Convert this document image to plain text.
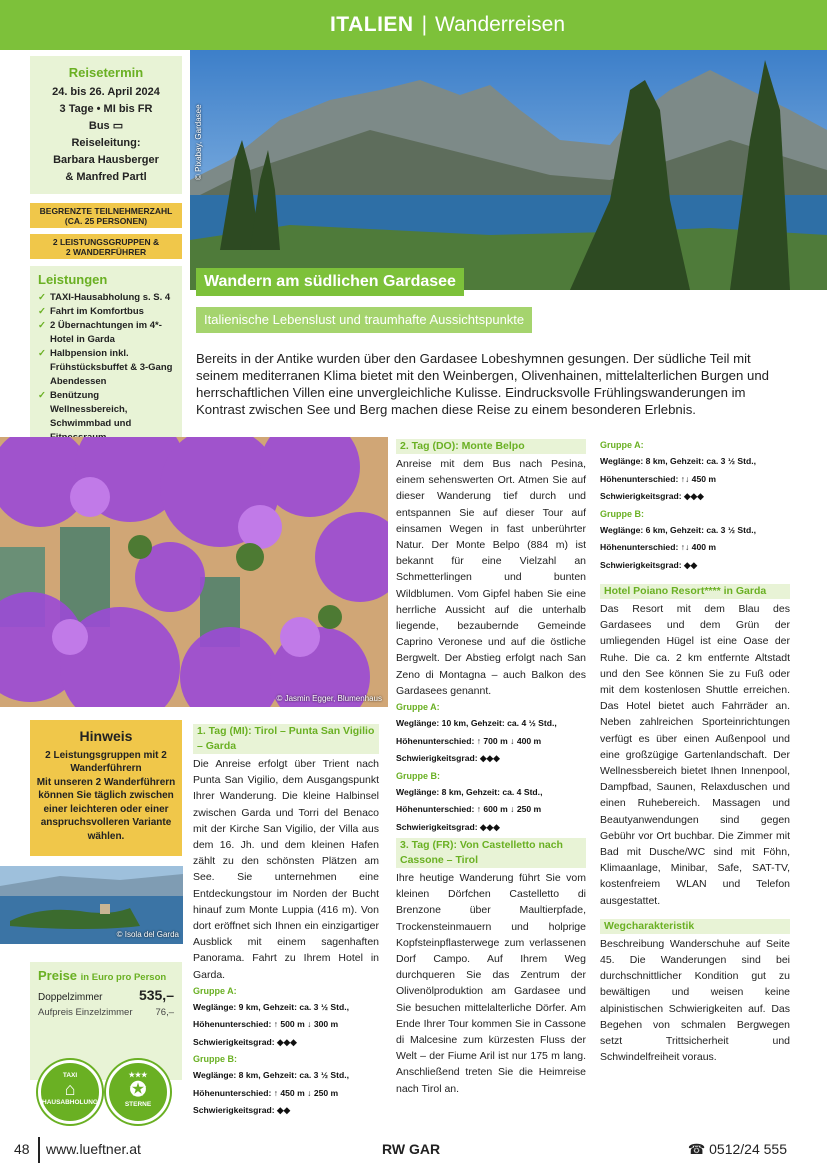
ITALIEN | Wanderreisen
Reisetermin
24. bis 26. April 2024
3 Tage • MI bis FR
Bus ▭
Reiseleitung:
Barbara Hausberger
& Manfred Partl
BEGRENZTE TEILNEHMERZAHL
(CA. 25 PERSONEN)
2 LEISTUNGSGRUPPEN &
2 WANDERFÜHRER
Leistungen
✓ TAXI-Hausabholung s. S. 4
✓ Fahrt im Komfortbus
✓ 2 Übernachtungen im 4*-Hotel in Garda
✓ Halbpension inkl. Frühstücksbuffet & 3-Gang Abendessen
✓ Benützung Wellnessbereich, Schwimmbad und
✓
✓
© Pixabay, Gardasee
Wandern am südlichen Gardasee
Italienische Lebenslust und traumhafte Aussichtspunkte
Bereits in der Antike wurden über den Gardasee Lobeshymnen gesungen. Der südliche Teil mit seinem mediterranen Klima bietet mit den Weinbergen, Olivenhainen, mittelalterlichen Burgen und herrschaftlichen Villen eine unvergleichliche Kulisse. Eindrucksvolle Frühlingswanderungen im Kontrast zwischen See und Berg machen diese Reise zu einem besonderen Erlebnis.
© Jasmin Egger, Blumenhaus
Hinweis
2 Leistungsgruppen mit 2 Wanderführern
Mit unseren 2 Wanderführern können Sie täglich zwischen einer leichteren oder einer anspruchsvolleren Variante wählen.
© Isola del Garda
Preise in Euro pro Person
Doppelzimmer	535,–
Aufpreis Einzelzimmer 76,–
TAXI
⌂
HAUSABHOLUNG
★★★
✪
STERNE
1. Tag (MI): Tirol – Punta San Vigilio – Garda

Die Anreise erfolgt über Trient nach Punta San Vigilio, dem Ausgangspunkt Ihrer Wanderung. Die kleine Halbinsel zwischen Garda und Torri del Benaco mit der Kirche San Vigilio, der Villa aus dem 16. Jh. und dem kleinen Hafen zählt zu den schönsten Plätzen am See. Sie unternehmen eine Entdeckungstour im Norden der Bucht hinauf zum Monte Luppia (416 m). Von dort eröffnet sich Ihnen ein einzigartiger Ausblick mit einem sagenhaften Panorama. Fahrt zu Ihrem Hotel in Garda.

Gruppe A:
Weglänge: 9 km, Gehzeit: ca. 3 ½ Std.,
Höhenunterschied: ↑ 500 m ↓ 300 m
Schwierigkeitsgrad: ◆◆◆
Gruppe B:
Weglänge: 8 km, Gehzeit: ca. 3 ½ Std.,
Höhenunterschied: ↑ 450 m ↓ 250 m
Schwierigkeitsgrad: ◆◆
2. Tag (DO): Monte Belpo

Anreise mit dem Bus nach Pesina, einem sehenswerten Ort. Atmen Sie auf dieser Wanderung tief durch und entspannen Sie auf dieser Tour auf einsamen Wegen in fast unberührter Natur. Der Monte Belpo (884 m) ist bekannt für eine Vielzahl an Schmetterlingen und bunten Wildblumen. Vom Gipfel haben Sie eine herrliche Aussicht auf die unterhalb liegende, bezaubernde Gemeinde Caprino Veronese und auf die östliche Bergwelt. Der Abstieg erfolgt nach San Zeno di Montagna – auch Balkon des Gardasees genannt.

Gruppe A:
Weglänge: 10 km, Gehzeit: ca. 4 ½ Std.,
Höhenunterschied: ↑ 700 m ↓ 400 m
Schwierigkeitsgrad: ◆◆◆
Gruppe B:
Weglänge: 8 km, Gehzeit: ca. 4 Std.,
Höhenunterschied: ↑ 600 m ↓ 250 m
Schwierigkeitsgrad: ◆◆◆
3. Tag (FR): Von Castelletto nach Cassone – Tirol

Ihre heutige Wanderung führt Sie vom kleinen Dörfchen Castelletto di Brenzone über Maultierpfade, Trockensteinmauern und holprige Kopfsteinpflasterwege zum verlassenen Dorf Campo. Auf Ihrem Weg durchqueren Sie das Zentrum der Olivenölproduktion am Gardasee und Sie besuchen mittelalterliche Dörfer. Am Ende Ihrer Tour kommen Sie in Cassone di Malcesine zum kürzesten Fluss der Welt – der Fiume Aril ist nur 175 m lang. Anschließend treten Sie die Heimreise nach Tirol an.

Gruppe A:
Weglänge: 8 km, Gehzeit: ca. 3 ½ Std.,
Höhenunterschied: ↑↓ 450 m
Schwierigkeitsgrad: ◆◆◆
Gruppe B:
Weglänge: 6 km, Gehzeit: ca. 3 ½ Std.,
Höhenunterschied: ↑↓ 400 m
Schwierigkeitsgrad: ◆◆
Hotel Poiano Resort**** in Garda

Das Resort mit dem Blau des Gardasees und dem Grün der umliegenden Hügel ist eine Oase der Ruhe. Die ca. 2 km entfernte Altstadt und den See können Sie zu Fuß oder mit dem kostenlosen Shuttle erreichen. Das Hotel bietet auch Fahrräder an. Neben zahlreichen Sporteinrichtungen verfügt es über einen Außenpool und eine großzügige Gartenlandschaft. Der Wellnessbereich bietet Ihnen Innenpool, Dampfbad, Saunen, Relaxduschen und einen Ruhebereich. Massagen und Beautyanwendungen sind gegen Gebühr vor Ort buchbar. Die Zimmer mit Bad mit Dusche/WC sind mit Föhn, Klimaanlage, Minibar, Safe, SAT-TV, kostenfreiem WLAN und Telefon ausgestattet.

Wegcharakteristik

Beschreibung Wanderschuhe auf Seite 45. Die Wanderungen sind bei durchschnittlicher Kondition gut zu bewältigen und weisen keine alpinistischen Schwierigkeiten auf. Das Begehen von schmalen Bergwegen setzt Trittsicherheit und Schwindelfreiheit voraus.

48 www.lueftner.at	RW GAR	☎ 0512/24 555
